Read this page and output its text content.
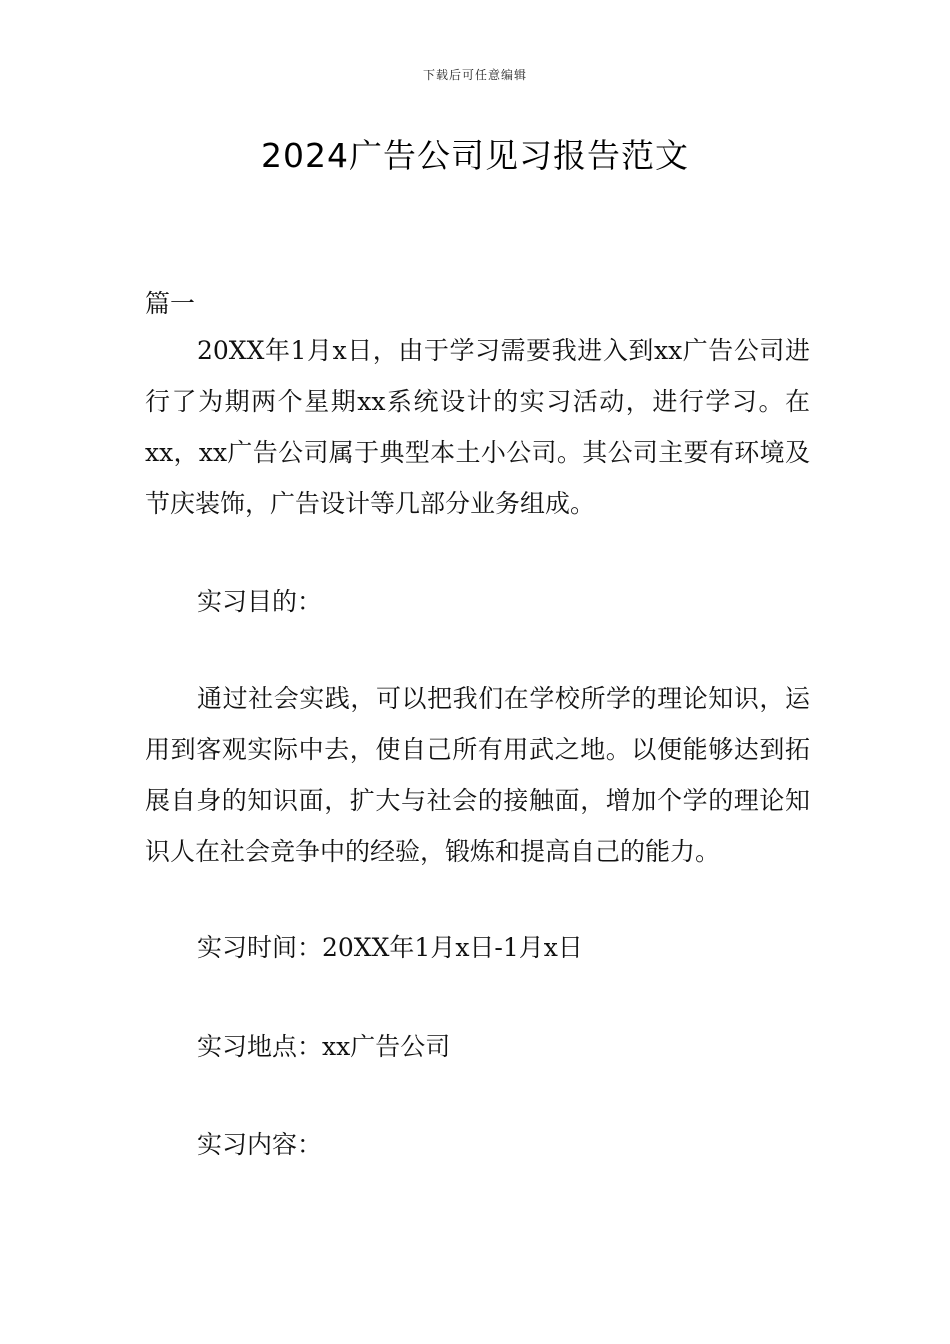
下载后可任意编辑
2024广告公司见习报告范文
篇一

20XX年1月x日，由于学习需要我进入到xx广告公司进行了为期两个星期xx系统设计的实习活动，进行学习。在xx，xx广告公司属于典型本土小公司。其公司主要有环境及节庆装饰，广告设计等几部分业务组成。

实习目的：

通过社会实践，可以把我们在学校所学的理论知识，运用到客观实际中去，使自己所有用武之地。以便能够达到拓展自身的知识面，扩大与社会的接触面，增加个学的理论知识人在社会竞争中的经验，锻炼和提高自己的能力。

实习时间：20XX年1月x日-1月x日

实习地点：xx广告公司

实习内容：
